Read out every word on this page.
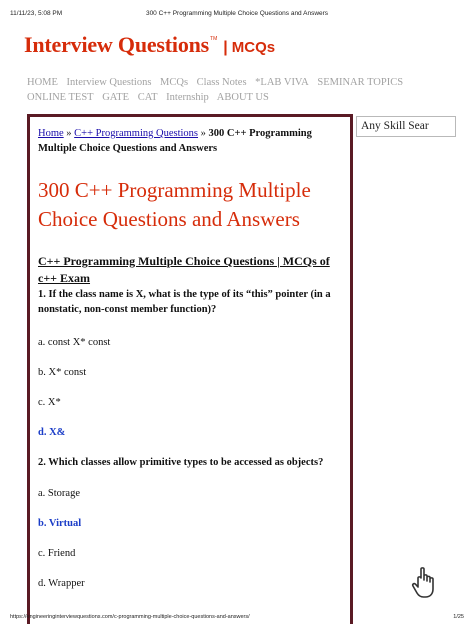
11/11/23, 5:08 PM	300 C++ Programming Multiple Choice Questions and Answers
Interview Questions TM | MCQs
HOME Interview Questions MCQs Class Notes *LAB VIVA SEMINAR TOPICS
ONLINE TEST GATE CAT Internship ABOUT US
Home » C++ Programming Questions » 300 C++ Programming Multiple Choice Questions and Answers
300 C++ Programming Multiple Choice Questions and Answers
C++ Programming Multiple Choice Questions | MCQs of c++ Exam

1. If the class name is X, what is the type of its “this” pointer (in a nonstatic, non-const member function)?

a. const X* const

b. X* const

c. X*

d. X&

2. Which classes allow primitive types to be accessed as objects?

a. Storage

b. Virtual

c. Friend

d. Wrapper

Any Skill Sear
https://engineeringinterviewquestions.com/c-programming-multiple-choice-questions-and-answers/	1/25
